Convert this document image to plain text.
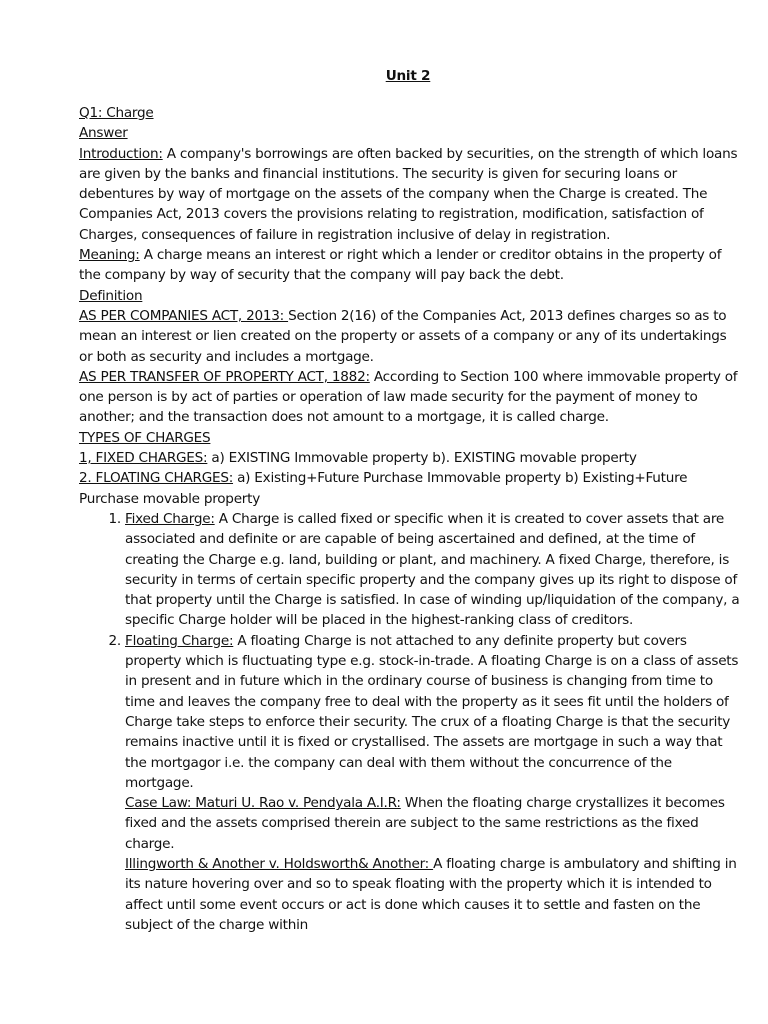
Unit 2

Q1: Charge

Answer

Introduction: A company's borrowings are often backed by securities, on the strength of which loans are given by the banks and financial institutions. The security is given for securing loans or debentures by way of mortgage on the assets of the company when the Charge is created. The Companies Act, 2013 covers the provisions relating to registration, modification, satisfaction of Charges, consequences of failure in registration inclusive of delay in registration.

Meaning: A charge means an interest or right which a lender or creditor obtains in the property of the company by way of security that the company will pay back the debt.

Definition

AS PER COMPANIES ACT, 2013: Section 2(16) of the Companies Act, 2013 defines charges so as to mean an interest or lien created on the property or assets of a company or any of its undertakings or both as security and includes a mortgage.

AS PER TRANSFER OF PROPERTY ACT, 1882: According to Section 100 where immovable property of one person is by act of parties or operation of law made security for the payment of money to another; and the transaction does not amount to a mortgage, it is called charge.

TYPES OF CHARGES

1, FIXED CHARGES: a) EXISTING Immovable property b). EXISTING movable property

2. FLOATING CHARGES: a) Existing+Future Purchase Immovable property b) Existing+Future Purchase movable property

1. Fixed Charge: A Charge is called fixed or specific when it is created to cover assets that are associated and definite or are capable of being ascertained and defined, at the time of creating the Charge e.g. land, building or plant, and machinery. A fixed Charge, therefore, is security in terms of certain specific property and the company gives up its right to dispose of that property until the Charge is satisfied. In case of winding up/liquidation of the company, a specific Charge holder will be placed in the highest-ranking class of creditors.
2. Floating Charge: A floating Charge is not attached to any definite property but covers property which is fluctuating type e.g. stock-in-trade. A floating Charge is on a class of assets in present and in future which in the ordinary course of business is changing from time to time and leaves the company free to deal with the property as it sees fit until the holders of Charge take steps to enforce their security. The crux of a floating Charge is that the security remains inactive until it is fixed or crystallised. The assets are mortgage in such a way that the mortgagor i.e. the company can deal with them without the concurrence of the mortgage.

Case Law: Maturi U. Rao v. Pendyala A.I.R: When the floating charge crystallizes it becomes fixed and the assets comprised therein are subject to the same restrictions as the fixed charge.

Illingworth & Another v. Holdsworth& Another: A floating charge is ambulatory and shifting in its nature hovering over and so to speak floating with the property which it is intended to affect until some event occurs or act is done which causes it to settle and fasten on the subject of the charge within
